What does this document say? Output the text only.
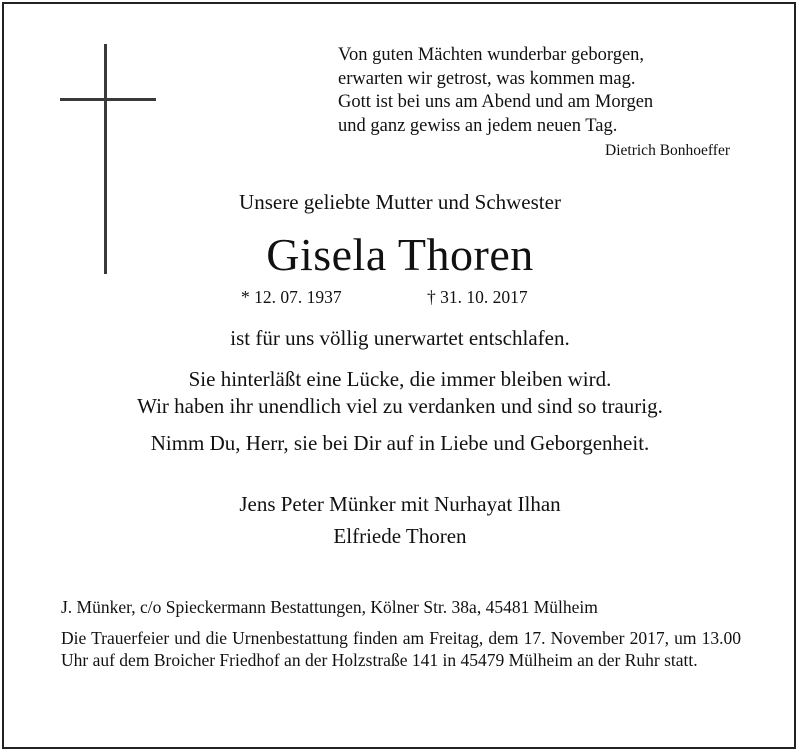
Von guten Mächten wunderbar geborgen,
erwarten wir getrost, was kommen mag.
Gott ist bei uns am Abend und am Morgen
und ganz gewiss an jedem neuen Tag.
Dietrich Bonhoeffer
Unsere geliebte Mutter und Schwester
Gisela Thoren
* 12. 07. 1937	† 31. 10. 2017
ist für uns völlig unerwartet entschlafen.
Sie hinterläßt eine Lücke, die immer bleiben wird.
Wir haben ihr unendlich viel zu verdanken und sind so traurig.
Nimm Du, Herr, sie bei Dir auf in Liebe und Geborgenheit.
Jens Peter Münker mit Nurhayat Ilhan
Elfriede Thoren
J. Münker, c/o Spieckermann Bestattungen, Kölner Str. 38a, 45481 Mülheim
Die Trauerfeier und die Urnenbestattung finden am Freitag, dem 17. November 2017, um 13.00 Uhr auf dem Broicher Friedhof an der Holzstraße 141 in 45479 Mülheim an der Ruhr statt.
